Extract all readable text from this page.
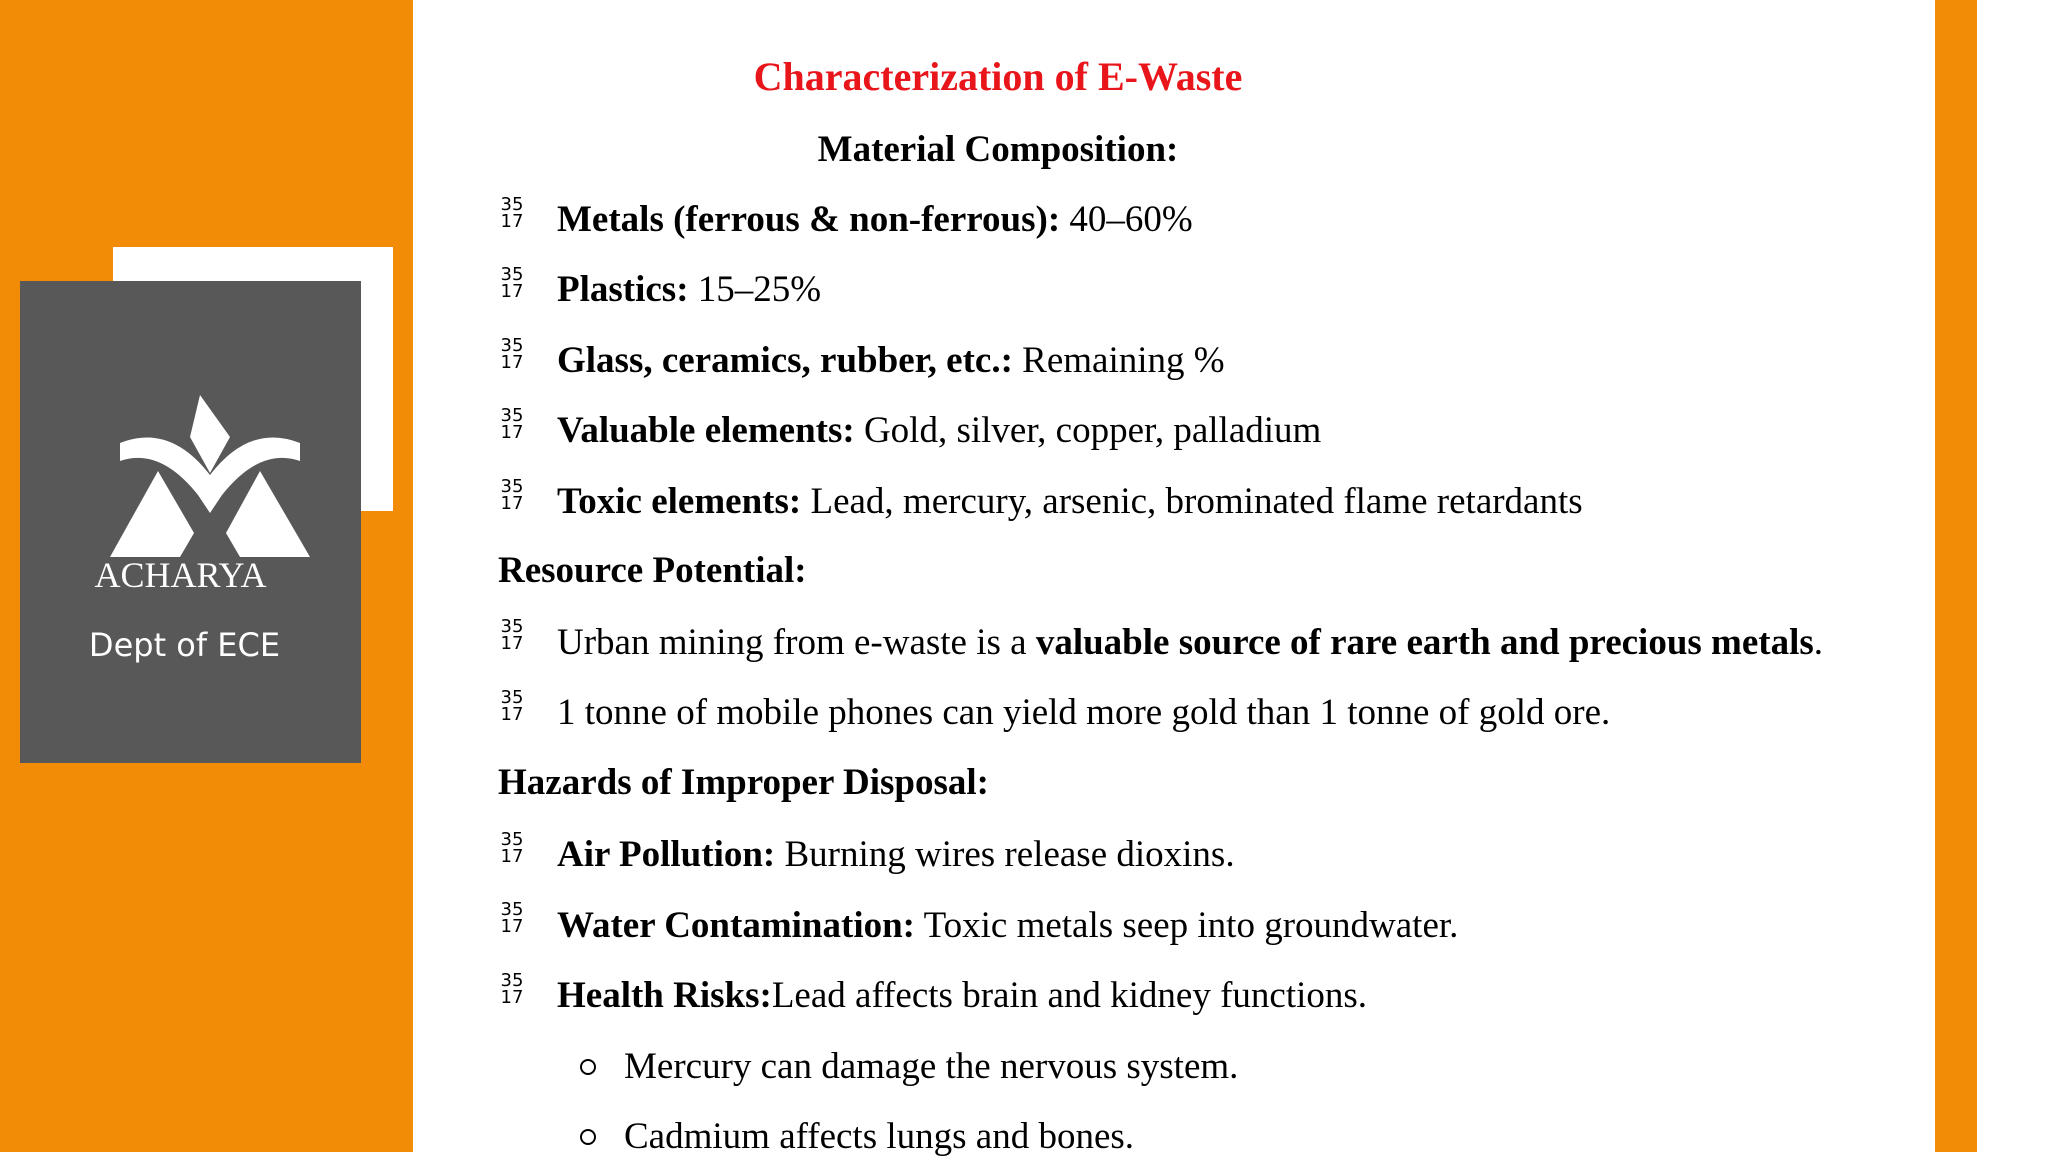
ACHARYA
Dept of ECE
Characterization of E-Waste
Material Composition:
35
17 Metals (ferrous & non-ferrous): 40–60%
35
17 Plastics: 15–25%
35
17 Glass, ceramics, rubber, etc.: Remaining %
35
17 Valuable elements: Gold, silver, copper, palladium
35
17 Toxic elements: Lead, mercury, arsenic, brominated flame retardants
Resource Potential:
35
17 Urban mining from e-waste is a valuable source of rare earth and precious metals.
35
17 1 tonne of mobile phones can yield more gold than 1 tonne of gold ore.
Hazards of Improper Disposal:
35
17 Air Pollution: Burning wires release dioxins.
35
17 Water Contamination: Toxic metals seep into groundwater.
35
17 Health Risks:Lead affects brain and kidney functions.
Mercury can damage the nervous system.
Cadmium affects lungs and bones.
